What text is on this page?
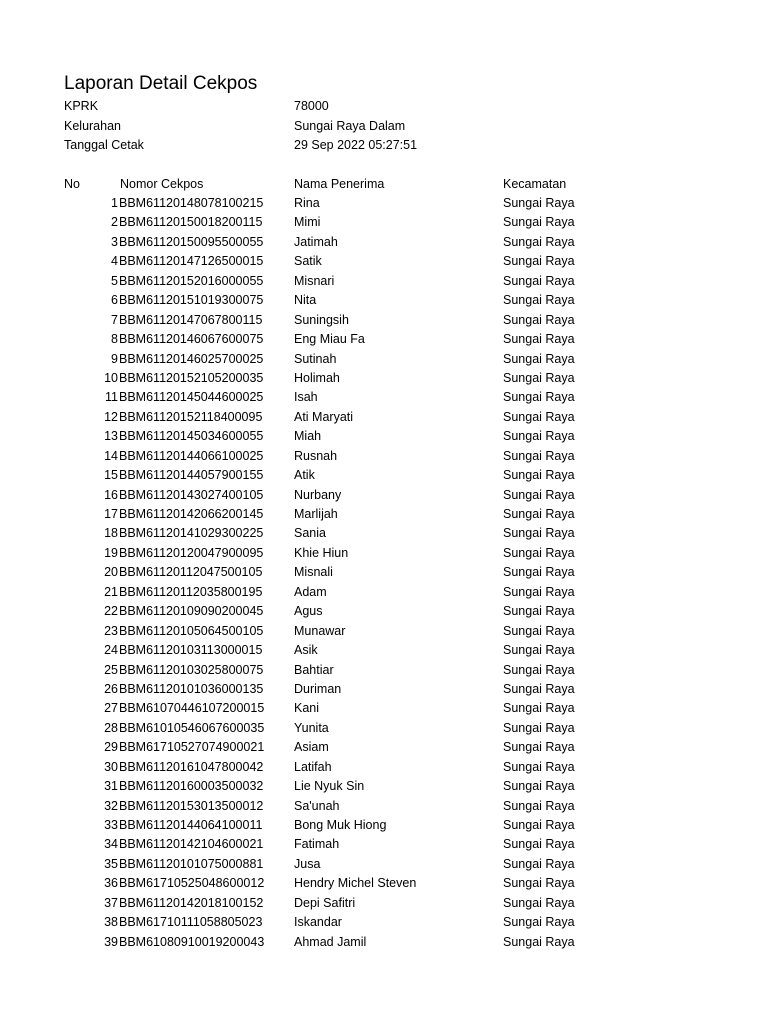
Laporan Detail Cekpos
KPRK	78000
Kelurahan	Sungai Raya Dalam
Tanggal Cetak	29 Sep 2022 05:27:51
No	Nomor Cekpos	Nama Penerima	Kecamatan
1 BBM61120148078100215 Rina	Sungai Raya
2 BBM61120150018200115	Mimi	Sungai Raya
3 BBM61120150095500055 Jatimah	Sungai Raya
4 BBM61120147126500015 Satik	Sungai Raya
5 BBM61120152016000055 Misnari	Sungai Raya
6 BBM61120151019300075 Nita	Sungai Raya
7 BBM61120147067800115	Suningsih	Sungai Raya
8 BBM61120146067600075 Eng Miau Fa	Sungai Raya
9 BBM61120146025700025 Sutinah	Sungai Raya
10 BBM61120152105200035 Holimah	Sungai Raya
11 BBM61120145044600025 Isah	Sungai Raya
12 BBM61120152118400095	Ati Maryati	Sungai Raya
13 BBM61120145034600055 Miah	Sungai Raya
14 BBM61120144066100025 Rusnah	Sungai Raya
15 BBM61120144057900155 Atik	Sungai Raya
16 BBM61120143027400105 Nurbany	Sungai Raya
17 BBM61120142066200145 Marlijah	Sungai Raya
18 BBM61120141029300225 Sania	Sungai Raya
19 BBM61120120047900095 Khie Hiun	Sungai Raya
20 BBM61120112047500105	Misnali	Sungai Raya
21 BBM61120112035800195	Adam	Sungai Raya
22 BBM61120109090200045 Agus	Sungai Raya
23 BBM61120105064500105 Munawar	Sungai Raya
24 BBM61120103113000015	Asik	Sungai Raya
25 BBM61120103025800075 Bahtiar	Sungai Raya
26 BBM61120101036000135 Duriman	Sungai Raya
27 BBM61070446107200015 Kani	Sungai Raya
28 BBM61010546067600035 Yunita	Sungai Raya
29 BBM61710527074900021 Asiam	Sungai Raya
30 BBM61120161047800042 Latifah	Sungai Raya
31 BBM61120160003500032 Lie Nyuk Sin	Sungai Raya
32 BBM61120153013500012 Sa'unah	Sungai Raya
33 BBM61120144064100011	Bong Muk Hiong	Sungai Raya
34 BBM61120142104600021 Fatimah	Sungai Raya
35 BBM61120101075000881 Jusa	Sungai Raya
36 BBM61710525048600012 Hendry Michel Steven	Sungai Raya
37 BBM61120142018100152 Depi Safitri	Sungai Raya
38 BBM61710111058805023	Iskandar	Sungai Raya
39 BBM61080910019200043 Ahmad Jamil	Sungai Raya
